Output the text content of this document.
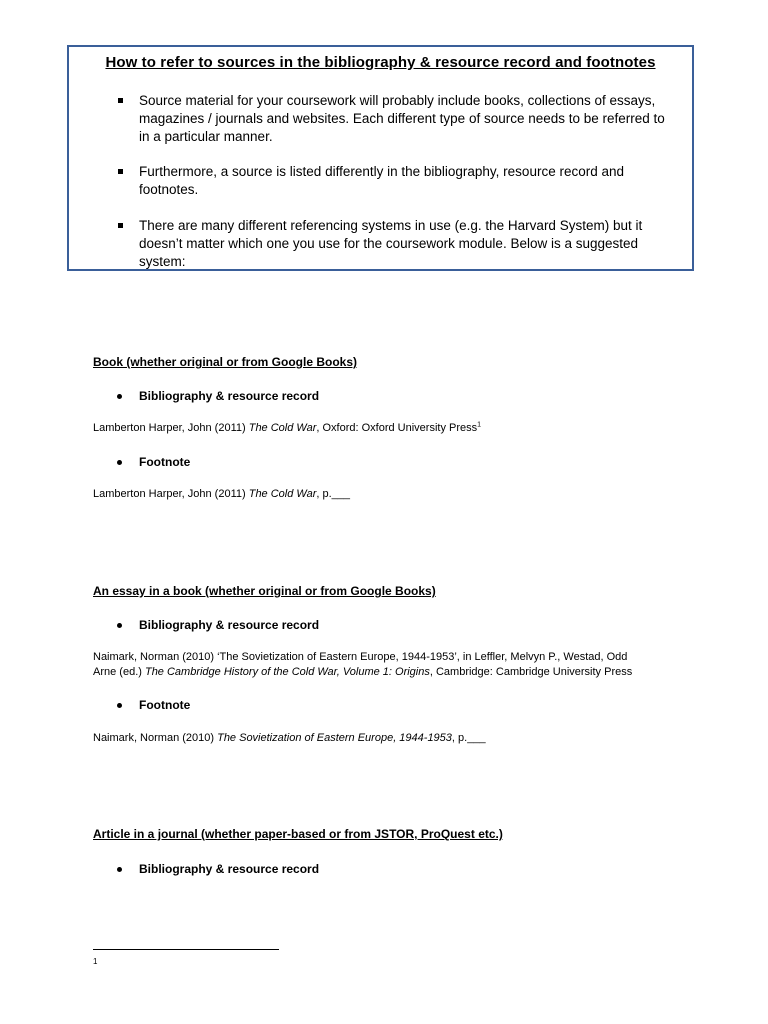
How to refer to sources in the bibliography & resource record and footnotes
Source material for your coursework will probably include books, collections of essays, magazines / journals and websites. Each different type of source needs to be referred to in a particular manner.
Furthermore, a source is listed differently in the bibliography, resource record and footnotes.
There are many different referencing systems in use (e.g. the Harvard System) but it doesn’t matter which one you use for the coursework module. Below is a suggested system:
Book (whether original or from Google Books)
Bibliography & resource record
Lamberton Harper, John (2011) The Cold War, Oxford: Oxford University Press$^1$
Footnote
Lamberton Harper, John (2011) The Cold War, p.___
An essay in a book (whether original or from Google Books)
Bibliography & resource record
Naimark, Norman (2010) ‘The Sovietization of Eastern Europe, 1944-1953’, in Leffler, Melvyn P., Westad, Odd
Arne (ed.) The Cambridge History of the Cold War, Volume 1: Origins, Cambridge: Cambridge University Press
Footnote
Naimark, Norman (2010) The Sovietization of Eastern Europe, 1944-1953, p.___
Article in a journal (whether paper-based or from JSTOR, ProQuest etc.)
Bibliography & resource record
1
